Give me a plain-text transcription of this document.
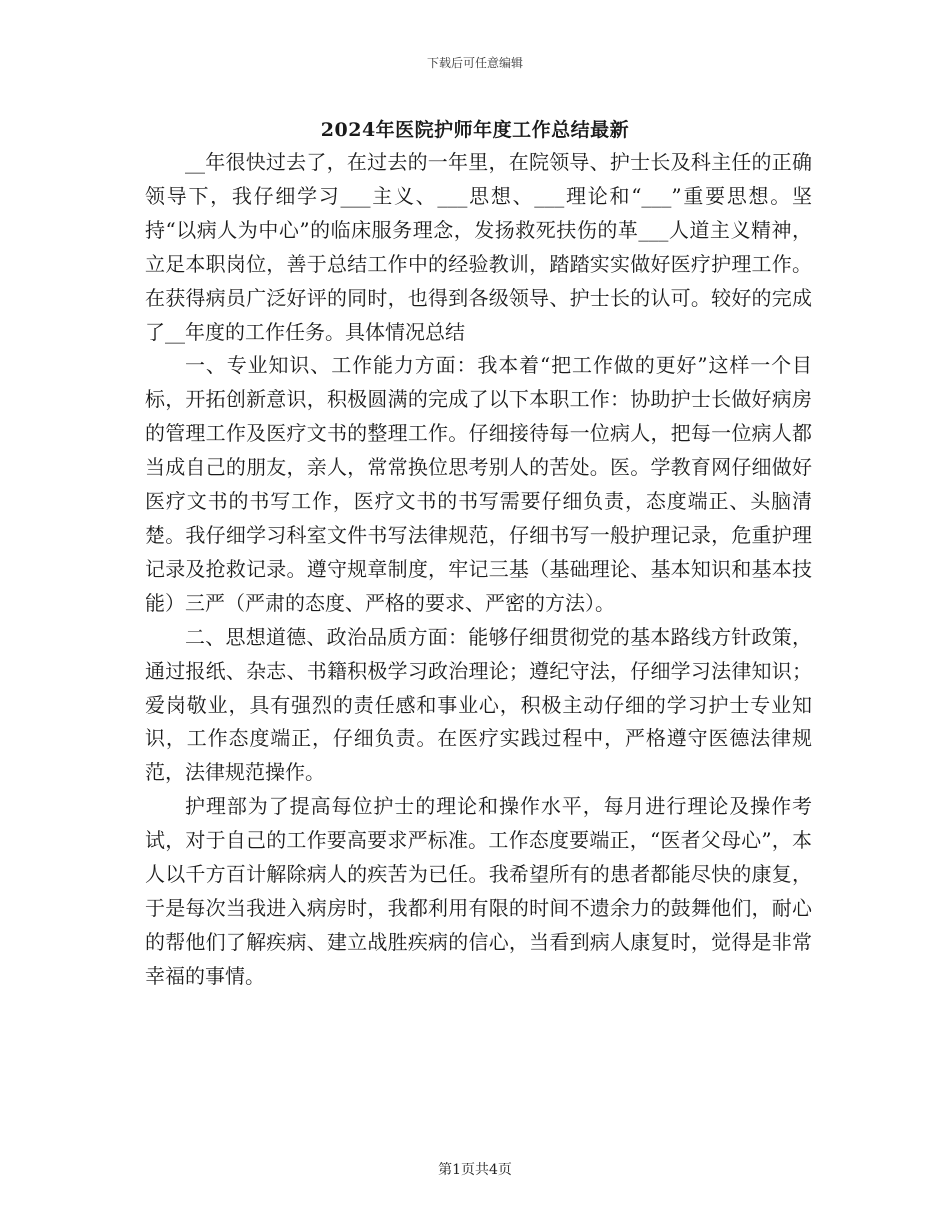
下载后可任意编辑
2024年医院护师年度工作总结最新

__年很快过去了，在过去的一年里，在院领导、护士长及科主任的正确领导下，我仔细学习___主义、___思想、___理论和“___”重要思想。坚持“以病人为中心”的临床服务理念，发扬救死扶伤的革___人道主义精神，立足本职岗位，善于总结工作中的经验教训，踏踏实实做好医疗护理工作。在获得病员广泛好评的同时，也得到各级领导、护士长的认可。较好的完成了__年度的工作任务。具体情况总结

一、专业知识、工作能力方面：我本着“把工作做的更好”这样一个目标，开拓创新意识，积极圆满的完成了以下本职工作：协助护士长做好病房的管理工作及医疗文书的整理工作。仔细接待每一位病人，把每一位病人都当成自己的朋友，亲人，常常换位思考别人的苦处。医。学教育网仔细做好医疗文书的书写工作，医疗文书的书写需要仔细负责，态度端正、头脑清楚。我仔细学习科室文件书写法律规范，仔细书写一般护理记录，危重护理记录及抢救记录。遵守规章制度，牢记三基（基础理论、基本知识和基本技能）三严（严肃的态度、严格的要求、严密的方法）。

二、思想道德、政治品质方面：能够仔细贯彻党的基本路线方针政策，通过报纸、杂志、书籍积极学习政治理论；遵纪守法，仔细学习法律知识；爱岗敬业，具有强烈的责任感和事业心，积极主动仔细的学习护士专业知识，工作态度端正，仔细负责。在医疗实践过程中，严格遵守医德法律规范，法律规范操作。

护理部为了提高每位护士的理论和操作水平，每月进行理论及操作考试，对于自己的工作要高要求严标准。工作态度要端正，“医者父母心”，本人以千方百计解除病人的疾苦为已任。我希望所有的患者都能尽快的康复，于是每次当我进入病房时，我都利用有限的时间不遗余力的鼓舞他们，耐心的帮他们了解疾病、建立战胜疾病的信心，当看到病人康复时，觉得是非常幸福的事情。

第1页共4页
